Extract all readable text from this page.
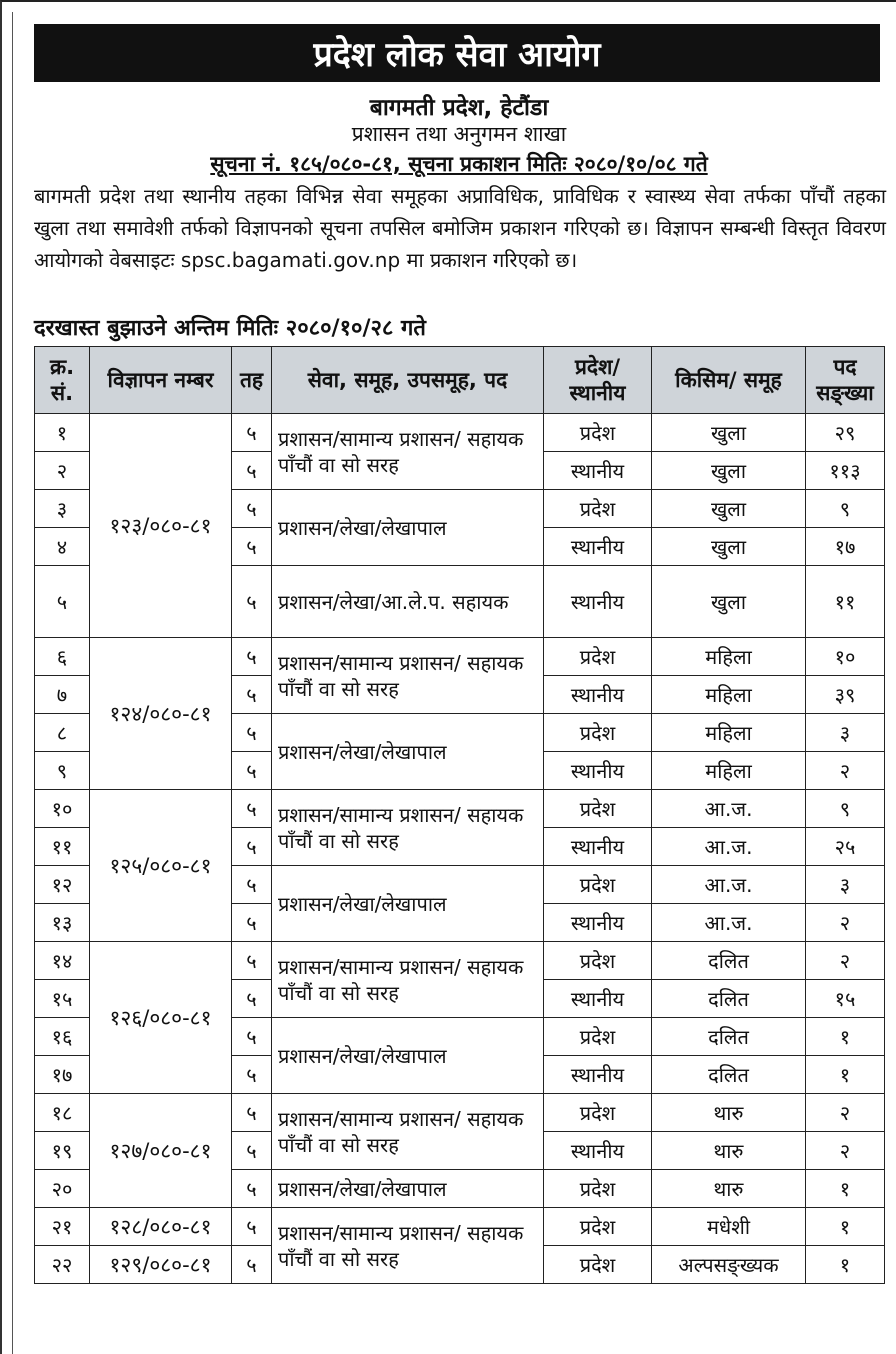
प्रदेश लोक सेवा आयोग
बागमती प्रदेश, हेटौंडा
प्रशासन तथा अनुगमन शाखा
सूचना नं. १८५/०८०-८१, सूचना प्रकाशन मितिः २०८०/१०/०८ गते
बागमती प्रदेश तथा स्थानीय तहका विभिन्न सेवा समूहका अप्राविधिक, प्राविधिक र स्वास्थ्य सेवा तर्फका पाँचौं तहका खुला तथा समावेशी तर्फको विज्ञापनको सूचना तपसिल बमोजिम प्रकाशन गरिएको छ। विज्ञापन सम्बन्धी विस्तृत विवरण आयोगको वेबसाइटः spsc.bagamati.gov.np मा प्रकाशन गरिएको छ।
दरखास्त बुझाउने अन्तिम मितिः २०८०/१०/२८ गते
क्र. सं.	विज्ञापन नम्बर	तह	सेवा, समूह, उपसमूह, पद	प्रदेश/ स्थानीय	किसिम/ समूह	पद सङ्ख्या
१	१२३/०८०-८१	५	प्रशासन/सामान्य प्रशासन/ सहायक पाँचौं वा सो सरह	प्रदेश	खुला	२९
२		५		स्थानीय	खुला	११३
३		५	प्रशासन/लेखा/लेखापाल	प्रदेश	खुला	९
४		५		स्थानीय	खुला	१७
५		५	प्रशासन/लेखा/आ.ले.प. सहायक	स्थानीय	खुला	११
६	१२४/०८०-८१	५	प्रशासन/सामान्य प्रशासन/ सहायक पाँचौं वा सो सरह	प्रदेश	महिला	१०
७		५		स्थानीय	महिला	३९
८		५	प्रशासन/लेखा/लेखापाल	प्रदेश	महिला	३
९		५		स्थानीय	महिला	२
१०	१२५/०८०-८१	५	प्रशासन/सामान्य प्रशासन/ सहायक पाँचौं वा सो सरह	प्रदेश	आ.ज.	९
११		५		स्थानीय	आ.ज.	२५
१२		५	प्रशासन/लेखा/लेखापाल	प्रदेश	आ.ज.	३
१३		५		स्थानीय	आ.ज.	२
१४	१२६/०८०-८१	५	प्रशासन/सामान्य प्रशासन/ सहायक पाँचौं वा सो सरह	प्रदेश	दलित	२
१५		५		स्थानीय	दलित	१५
१६		५	प्रशासन/लेखा/लेखापाल	प्रदेश	दलित	१
१७		५		स्थानीय	दलित	१
१८	१२७/०८०-८१	५	प्रशासन/सामान्य प्रशासन/ सहायक पाँचौं वा सो सरह	प्रदेश	थारु	२
१९		५		स्थानीय	थारु	२
२०		५	प्रशासन/लेखा/लेखापाल	प्रदेश	थारु	१
२१	१२८/०८०-८१	५	प्रशासन/सामान्य प्रशासन/ सहायक पाँचौं वा सो सरह	प्रदेश	मधेशी	१
२२	१२९/०८०-८१	५		प्रदेश	अल्पसङ्ख्यक	१
